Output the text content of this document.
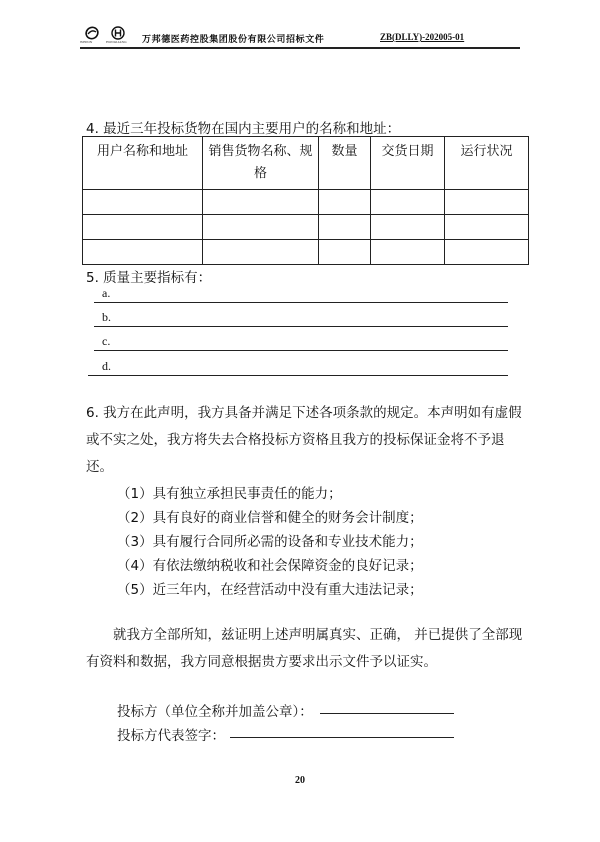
WEPON	HONGLIANG 万邦德医药控股集团股份有限公司招标文件	ZB(DLLY)-202005-01
4. 最近三年投标货物在国内主要用户的名称和地址：
用户名称和地址	销售货物名称、规格	数量	交货日期	运行状况

5. 质量主要指标有：
a.
b.
c.
d.
6. 我方在此声明，我方具备并满足下述各项条款的规定。本声明如有虚假或不实之处，我方将失去合格投标方资格且我方的投标保证金将不予退还。
（1）具有独立承担民事责任的能力；
（2）具有良好的商业信誉和健全的财务会计制度；
（3）具有履行合同所必需的设备和专业技术能力；
（4）有依法缴纳税收和社会保障资金的良好记录；
（5）近三年内，在经营活动中没有重大违法记录；
　　就我方全部所知，兹证明上述声明属真实、正确， 并已提供了全部现有资料和数据，我方同意根据贵方要求出示文件予以证实。
投标方（单位全称并加盖公章）：
投标方代表签字：
20
